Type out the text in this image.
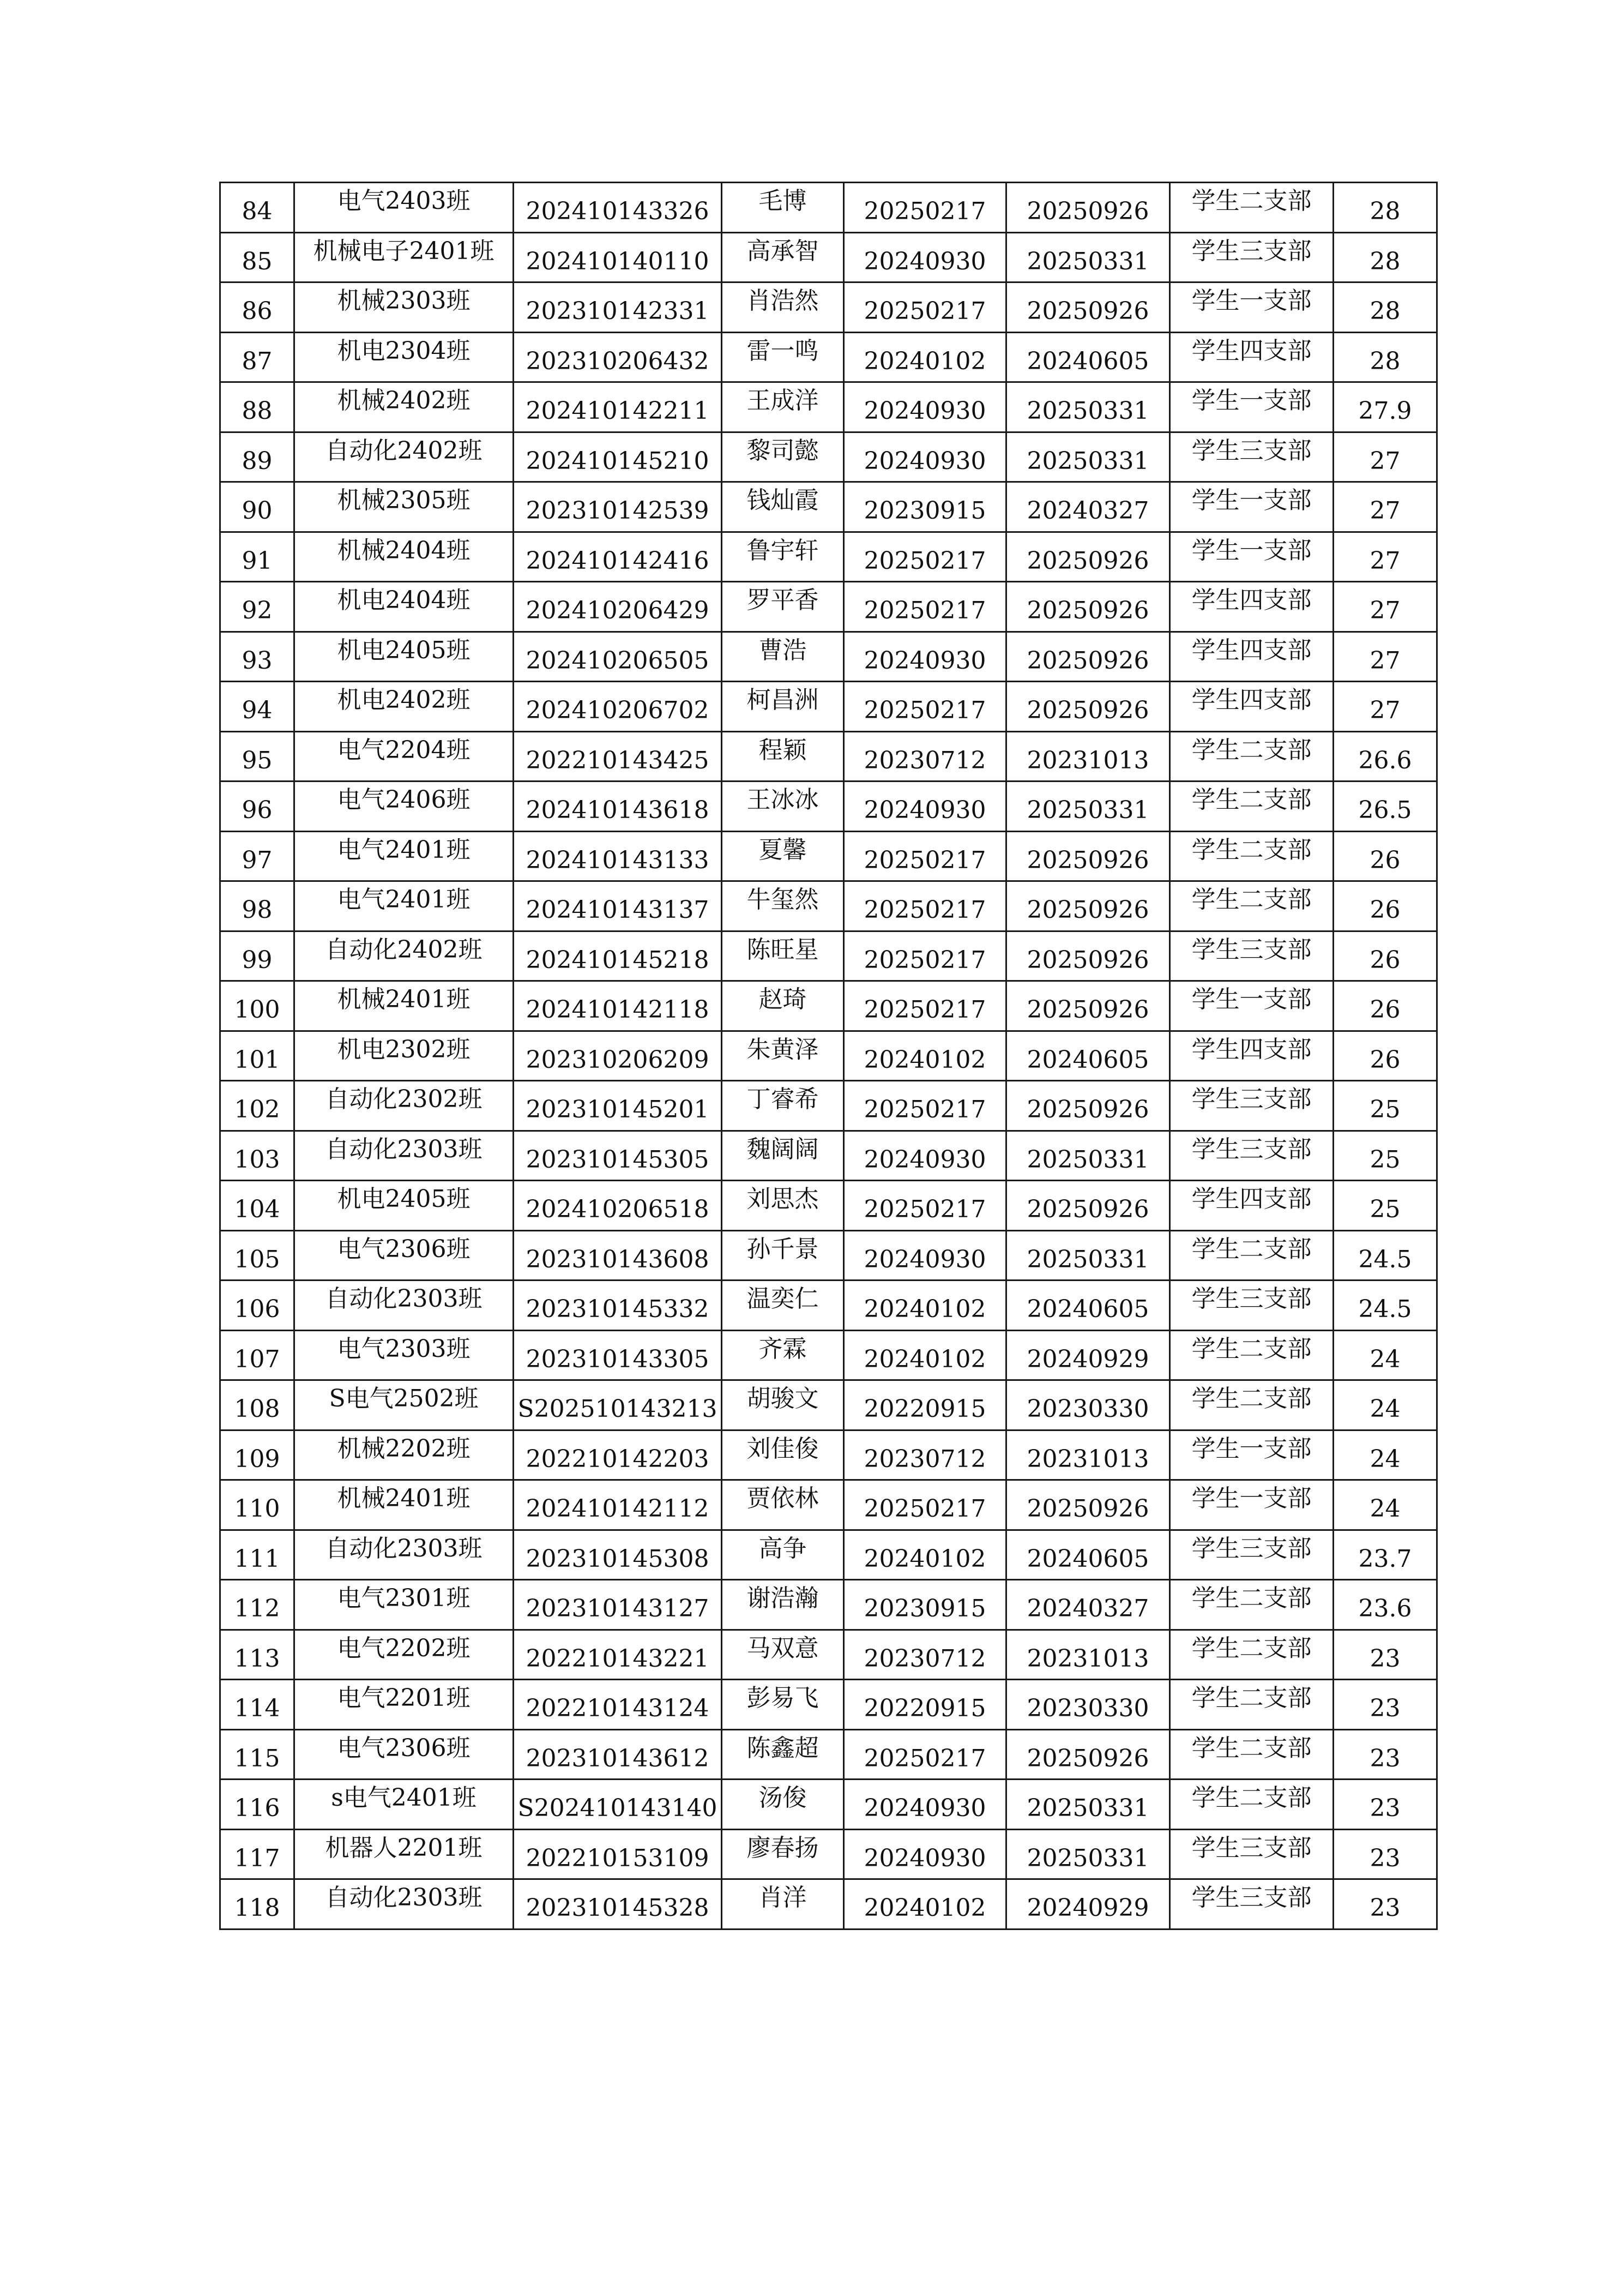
84	电气2403班	202410143326	毛博	20250217	20250926	学生二支部	28
85	机械电子2401班	202410140110	高承智	20240930	20250331	学生三支部	28
86	机械2303班	202310142331	肖浩然	20250217	20250926	学生一支部	28
87	机电2304班	202310206432	雷一鸣	20240102	20240605	学生四支部	28
88	机械2402班	202410142211	王成洋	20240930	20250331	学生一支部	27.9
89	自动化2402班	202410145210	黎司懿	20240930	20250331	学生三支部	27
90	机械2305班	202310142539	钱灿霞	20230915	20240327	学生一支部	27
91	机械2404班	202410142416	鲁宇轩	20250217	20250926	学生一支部	27
92	机电2404班	202410206429	罗平香	20250217	20250926	学生四支部	27
93	机电2405班	202410206505	曹浩	20240930	20250926	学生四支部	27
94	机电2402班	202410206702	柯昌洲	20250217	20250926	学生四支部	27
95	电气2204班	202210143425	程颖	20230712	20231013	学生二支部	26.6
96	电气2406班	202410143618	王冰冰	20240930	20250331	学生二支部	26.5
97	电气2401班	202410143133	夏馨	20250217	20250926	学生二支部	26
98	电气2401班	202410143137	牛玺然	20250217	20250926	学生二支部	26
99	自动化2402班	202410145218	陈旺星	20250217	20250926	学生三支部	26
100	机械2401班	202410142118	赵琦	20250217	20250926	学生一支部	26
101	机电2302班	202310206209	朱黄泽	20240102	20240605	学生四支部	26
102	自动化2302班	202310145201	丁睿希	20250217	20250926	学生三支部	25
103	自动化2303班	202310145305	魏阔阔	20240930	20250331	学生三支部	25
104	机电2405班	202410206518	刘思杰	20250217	20250926	学生四支部	25
105	电气2306班	202310143608	孙千景	20240930	20250331	学生二支部	24.5
106	自动化2303班	202310145332	温奕仁	20240102	20240605	学生三支部	24.5
107	电气2303班	202310143305	齐霖	20240102	20240929	学生二支部	24
108	S电气2502班	S202510143213	胡骏文	20220915	20230330	学生二支部	24
109	机械2202班	202210142203	刘佳俊	20230712	20231013	学生一支部	24
110	机械2401班	202410142112	贾依林	20250217	20250926	学生一支部	24
111	自动化2303班	202310145308	高争	20240102	20240605	学生三支部	23.7
112	电气2301班	202310143127	谢浩瀚	20230915	20240327	学生二支部	23.6
113	电气2202班	202210143221	马双意	20230712	20231013	学生二支部	23
114	电气2201班	202210143124	彭易飞	20220915	20230330	学生二支部	23
115	电气2306班	202310143612	陈鑫超	20250217	20250926	学生二支部	23
116	s电气2401班	S202410143140	汤俊	20240930	20250331	学生二支部	23
117	机器人2201班	202210153109	廖春扬	20240930	20250331	学生三支部	23
118	自动化2303班	202310145328	肖洋	20240102	20240929	学生三支部	23
